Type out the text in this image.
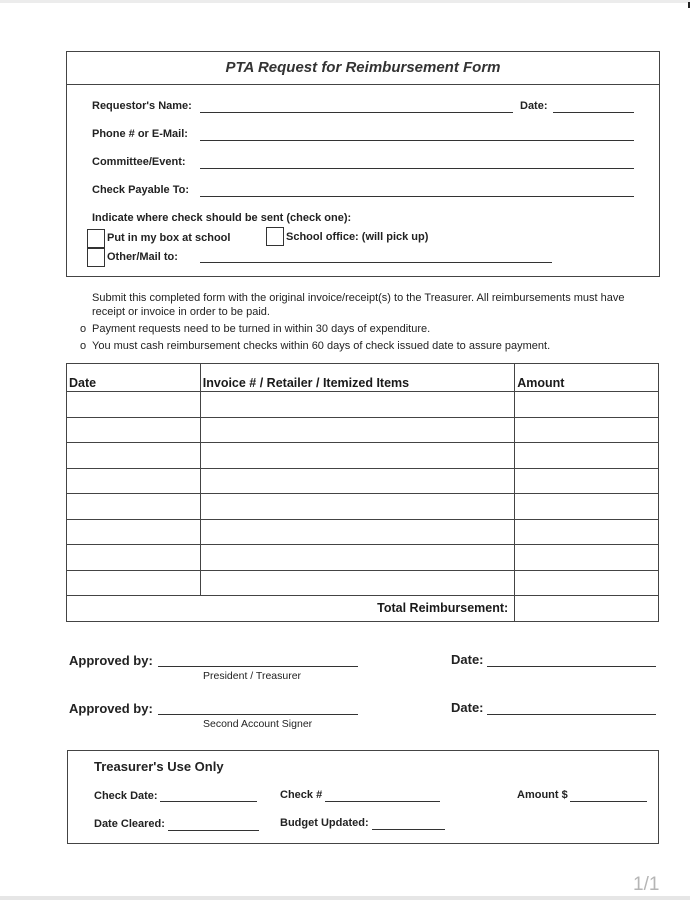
PTA Request for Reimbursement Form
Requestor's Name:	Date:
Phone # or E-Mail:
Committee/Event:
Check Payable To:
Indicate where check should be sent (check one):
Put in my box at school	School office: (will pick up)
Other/Mail to:
Submit this completed form with the original invoice/receipt(s) to the Treasurer. All reimbursements must have
receipt or invoice in order to be paid.
o Payment requests need to be turned in within 30 days of expenditure.
o You must cash reimbursement checks within 60 days of check issued date to assure payment.
Date	Invoice # / Retailer / Itemized Items	Amount

Total Reimbursement:		
Approved by:
President / Treasurer
Date:
Approved by:
Second Account Signer
Date:
Treasurer's Use Only
Check Date:	Check #	Amount $
Date Cleared:	Budget Updated:
1/1
